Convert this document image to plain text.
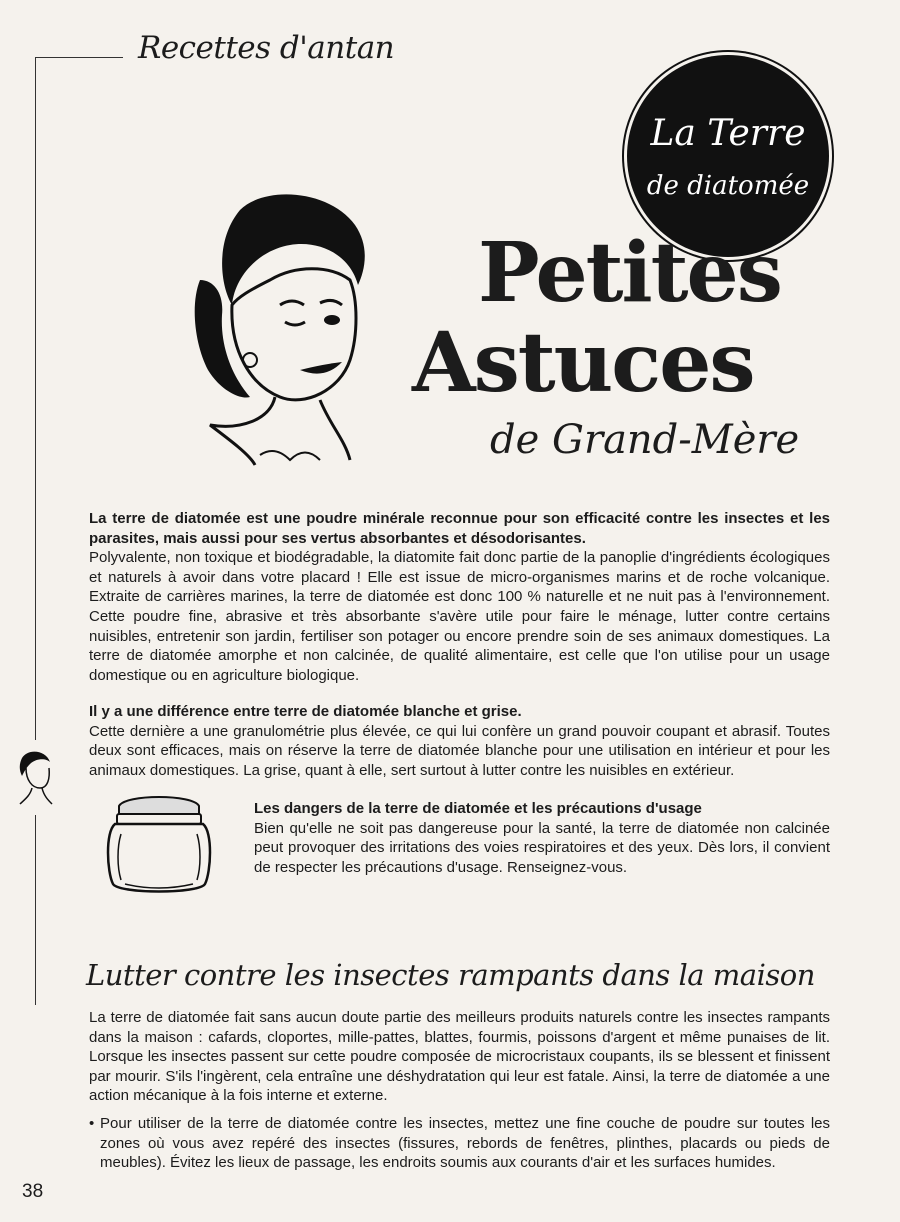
Recettes d'antan
La Terre
de diatomée
Petites
Astuces
de Grand-Mère

La terre de diatomée est une poudre minérale reconnue pour son efficacité contre les insectes et les parasites, mais aussi pour ses vertus absorbantes et désodorisantes.
Polyvalente, non toxique et biodégradable, la diatomite fait donc partie de la panoplie d'ingrédients écologiques et naturels à avoir dans votre placard ! Elle est issue de micro-organismes marins et de roche volcanique. Extraite de carrières marines, la terre de diatomée est donc 100 % naturelle et ne nuit pas à l'environnement. Cette poudre fine, abrasive et très absorbante s'avère utile pour faire le ménage, lutter contre certains nuisibles, entretenir son jardin, fertiliser son potager ou encore prendre soin de ses animaux domestiques. La terre de diatomée amorphe et non calcinée, de qualité alimentaire, est celle que l'on utilise pour un usage domestique ou en agriculture biologique.

Il y a une différence entre terre de diatomée blanche et grise.
Cette dernière a une granulométrie plus élevée, ce qui lui confère un grand pouvoir coupant et abrasif. Toutes deux sont efficaces, mais on réserve la terre de diatomée blanche pour une utilisation en intérieur et pour les animaux domestiques. La grise, quant à elle, sert surtout à lutter contre les nuisibles en extérieur.

Les dangers de la terre de diatomée et les précautions d'usage
Bien qu'elle ne soit pas dangereuse pour la santé, la terre de diatomée non calcinée peut provoquer des irritations des voies respiratoires et des yeux. Dès lors, il convient de respecter les précautions d'usage. Renseignez-vous.

Lutter contre les insectes rampants dans la maison

La terre de diatomée fait sans aucun doute partie des meilleurs produits naturels contre les insectes rampants dans la maison : cafards, cloportes, mille-pattes, blattes, fourmis, poissons d'argent et même punaises de lit. Lorsque les insectes passent sur cette poudre composée de microcristaux coupants, ils se blessent et finissent par mourir. S'ils l'ingèrent, cela entraîne une déshydratation qui leur est fatale. Ainsi, la terre de diatomée a une action mécanique à la fois interne et externe.

• Pour utiliser de la terre de diatomée contre les insectes, mettez une fine couche de poudre sur toutes les zones où vous avez repéré des insectes (fissures, rebords de fenêtres, plinthes, placards ou pieds de meubles). Évitez les lieux de passage, les endroits soumis aux courants d'air et les surfaces humides.

38
